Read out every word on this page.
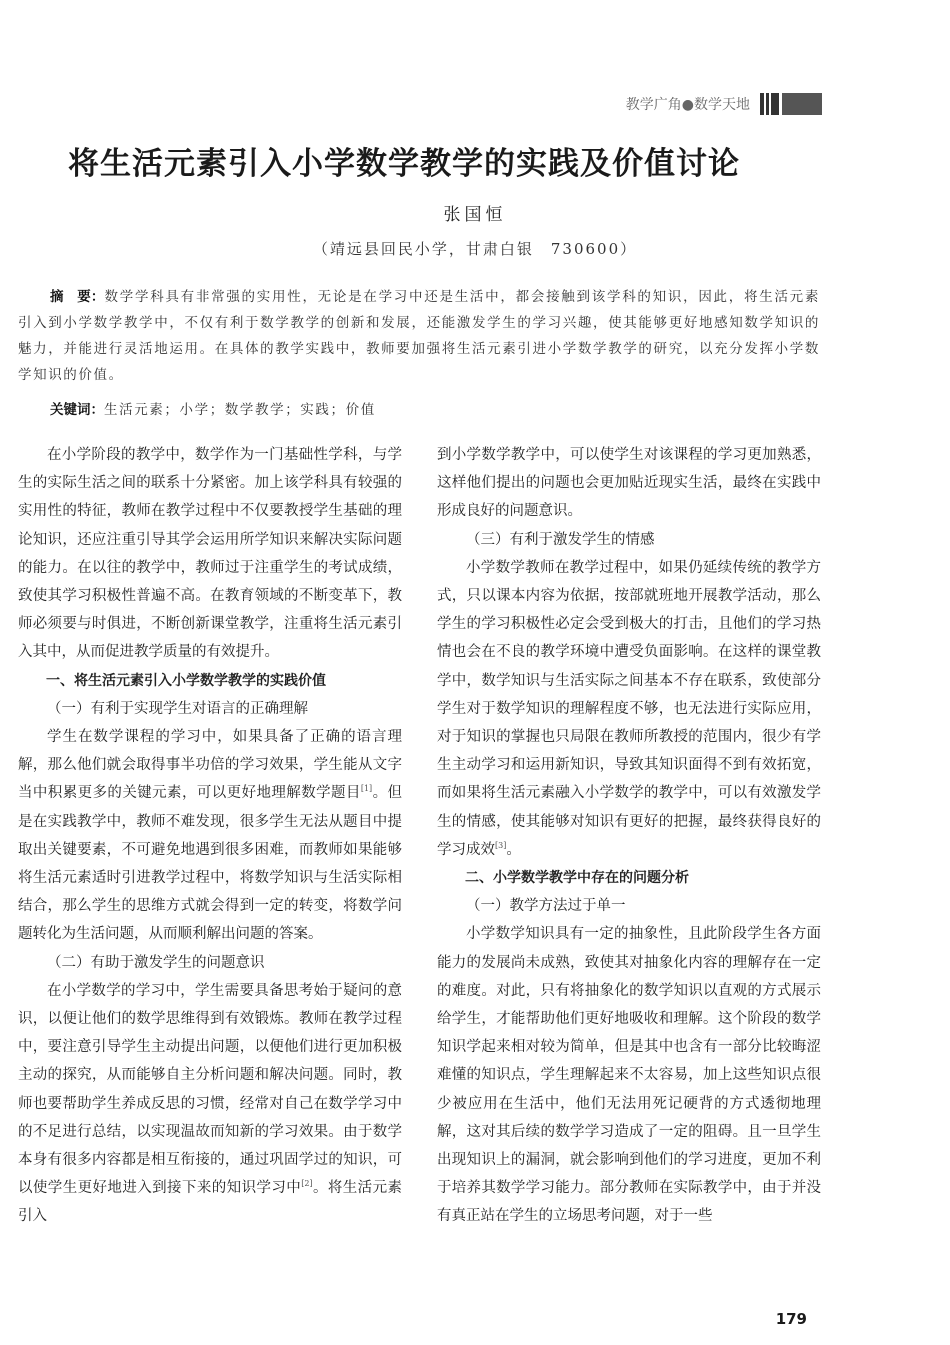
教学广角●数学天地
将生活元素引入小学数学教学的实践及价值讨论
张国恒
（靖远县回民小学，甘肃白银　730600）
摘　要：数学学科具有非常强的实用性，无论是在学习中还是生活中，都会接触到该学科的知识，因此，将生活元素引入到小学数学教学中，不仅有利于数学教学的创新和发展，还能激发学生的学习兴趣，使其能够更好地感知数学知识的魅力，并能进行灵活地运用。在具体的教学实践中，教师要加强将生活元素引进小学数学教学的研究，以充分发挥小学数学知识的价值。
关键词：生活元素；小学；数学教学；实践；价值

在小学阶段的教学中，数学作为一门基础性学科，与学生的实际生活之间的联系十分紧密。加上该学科具有较强的实用性的特征，教师在教学过程中不仅要教授学生基础的理论知识，还应注重引导其学会运用所学知识来解决实际问题的能力。在以往的教学中，教师过于注重学生的考试成绩，致使其学习积极性普遍不高。在教育领域的不断变革下，教师必须要与时俱进，不断创新课堂教学，注重将生活元素引入其中，从而促进教学质量的有效提升。

一、将生活元素引入小学数学教学的实践价值

（一）有利于实现学生对语言的正确理解

学生在数学课程的学习中，如果具备了正确的语言理解，那么他们就会取得事半功倍的学习效果，学生能从文字当中积累更多的关键元素，可以更好地理解数学题目[1]。但是在实践教学中，教师不难发现，很多学生无法从题目中提取出关键要素，不可避免地遇到很多困难，而教师如果能够将生活元素适时引进教学过程中，将数学知识与生活实际相结合，那么学生的思维方式就会得到一定的转变，将数学问题转化为生活问题，从而顺利解出问题的答案。

（二）有助于激发学生的问题意识

在小学数学的学习中，学生需要具备思考始于疑问的意识，以便让他们的数学思维得到有效锻炼。教师在教学过程中，要注意引导学生主动提出问题，以便他们进行更加积极主动的探究，从而能够自主分析问题和解决问题。同时，教师也要帮助学生养成反思的习惯，经常对自己在数学学习中的不足进行总结，以实现温故而知新的学习效果。由于数学本身有很多内容都是相互衔接的，通过巩固学过的知识，可以使学生更好地进入到接下来的知识学习中[2]。将生活元素引入

到小学数学教学中，可以使学生对该课程的学习更加熟悉，这样他们提出的问题也会更加贴近现实生活，最终在实践中形成良好的问题意识。

（三）有利于激发学生的情感

小学数学教师在教学过程中，如果仍延续传统的教学方式，只以课本内容为依据，按部就班地开展教学活动，那么学生的学习积极性必定会受到极大的打击，且他们的学习热情也会在不良的教学环境中遭受负面影响。在这样的课堂教学中，数学知识与生活实际之间基本不存在联系，致使部分学生对于数学知识的理解程度不够，也无法进行实际应用，对于知识的掌握也只局限在教师所教授的范围内，很少有学生主动学习和运用新知识，导致其知识面得不到有效拓宽，而如果将生活元素融入小学数学的教学中，可以有效激发学生的情感，使其能够对知识有更好的把握，最终获得良好的学习成效[3]。

二、小学数学教学中存在的问题分析

（一）教学方法过于单一

小学数学知识具有一定的抽象性，且此阶段学生各方面能力的发展尚未成熟，致使其对抽象化内容的理解存在一定的难度。对此，只有将抽象化的数学知识以直观的方式展示给学生，才能帮助他们更好地吸收和理解。这个阶段的数学知识学起来相对较为简单，但是其中也含有一部分比较晦涩难懂的知识点，学生理解起来不太容易，加上这些知识点很少被应用在生活中，他们无法用死记硬背的方式透彻地理解，这对其后续的数学学习造成了一定的阻碍。且一旦学生出现知识上的漏洞，就会影响到他们的学习进度，更加不利于培养其数学学习能力。部分教师在实际教学中，由于并没有真正站在学生的立场思考问题，对于一些

179
